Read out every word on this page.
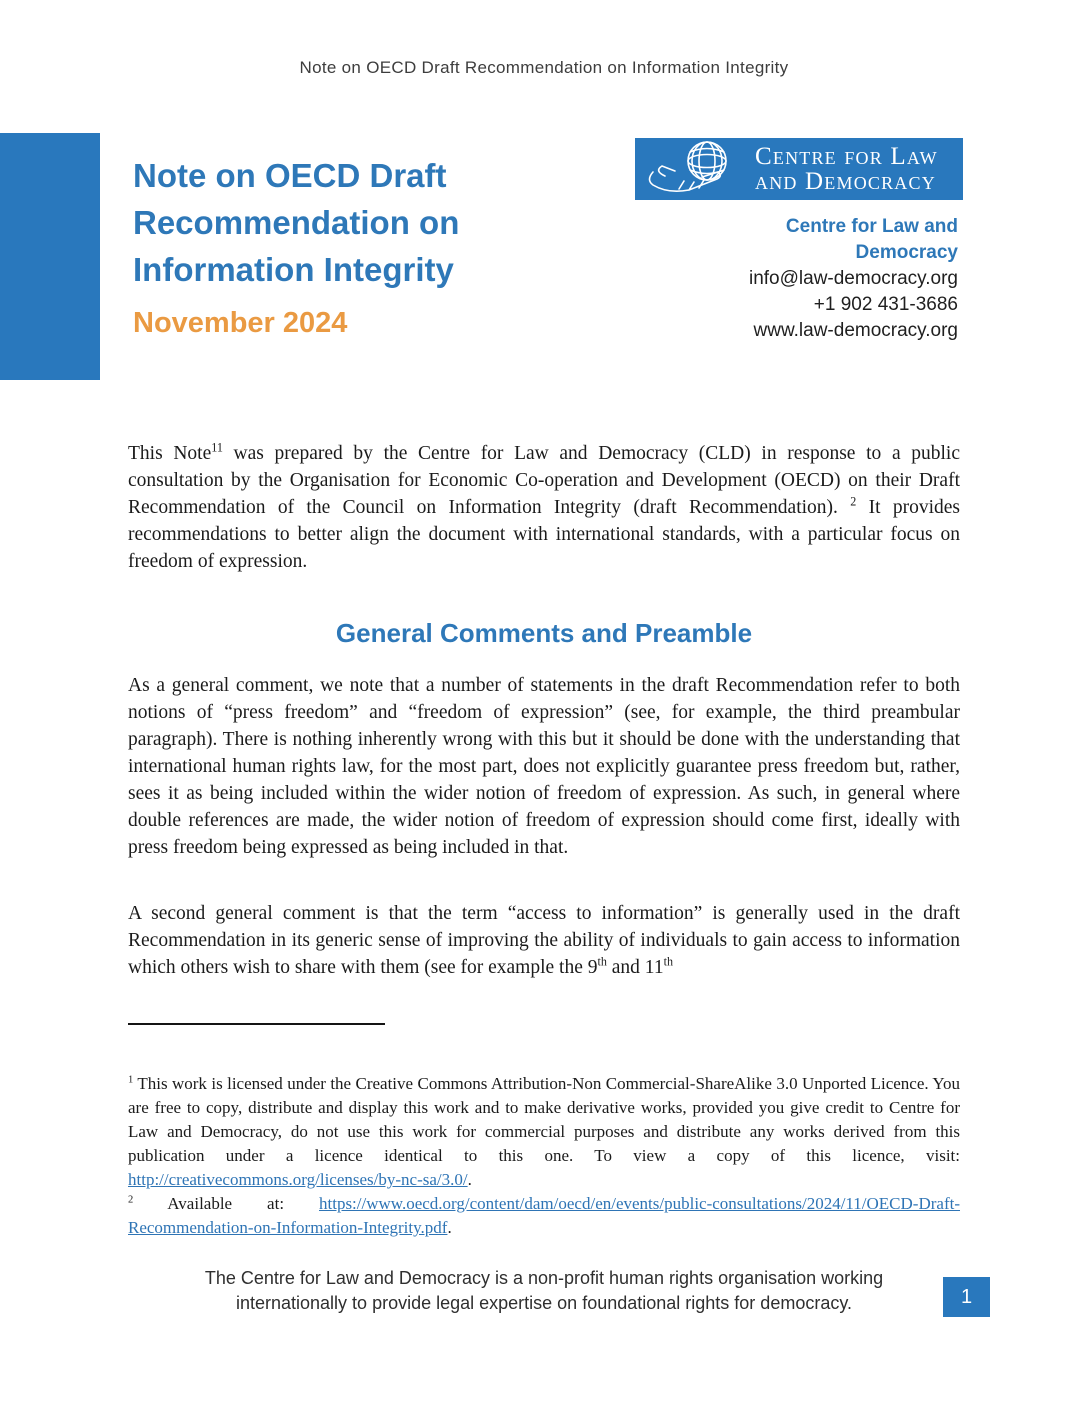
Note on OECD Draft Recommendation on Information Integrity
Note on OECD Draft
Recommendation on
Information Integrity
November 2024
Centre for Law
and Democracy
Centre for Law and
Democracy
info@law-democracy.org
+1 902 431-3686
www.law-democracy.org

This Note$^{11}$ was prepared by the Centre for Law and Democracy (CLD) in response to a public consultation by the Organisation for Economic Co-operation and Development (OECD) on their Draft Recommendation of the Council on Information Integrity (draft Recommendation). $^2$ It provides recommendations to better align the document with international standards, with a particular focus on freedom of expression.

General Comments and Preamble

As a general comment, we note that a number of statements in the draft Recommendation refer to both notions of “press freedom” and “freedom of expression” (see, for example, the third preambular paragraph). There is nothing inherently wrong with this but it should be done with the understanding that international human rights law, for the most part, does not explicitly guarantee press freedom but, rather, sees it as being included within the wider notion of freedom of expression. As such, in general where double references are made, the wider notion of freedom of expression should come first, ideally with press freedom being expressed as being included in that.

A second general comment is that the term “access to information” is generally used in the draft Recommendation in its generic sense of improving the ability of individuals to gain access to information which others wish to share with them (see for example the 9th and 11th

$^1$ This work is licensed under the Creative Commons Attribution-Non Commercial-ShareAlike 3.0 Unported Licence. You are free to copy, distribute and display this work and to make derivative works, provided you give credit to Centre for Law and Democracy, do not use this work for commercial purposes and distribute any works derived from this publication under a licence identical to this one. To view a copy of this licence, visit: http://creativecommons.org/licenses/by-nc-sa/3.0/.
$^2$ Available at: https://www.oecd.org/content/dam/oecd/en/events/public-consultations/2024/11/OECD-Draft-Recommendation-on-Information-Integrity.pdf.
The Centre for Law and Democracy is a non-profit human rights organisation working
internationally to provide legal expertise on foundational rights for democracy.	1
